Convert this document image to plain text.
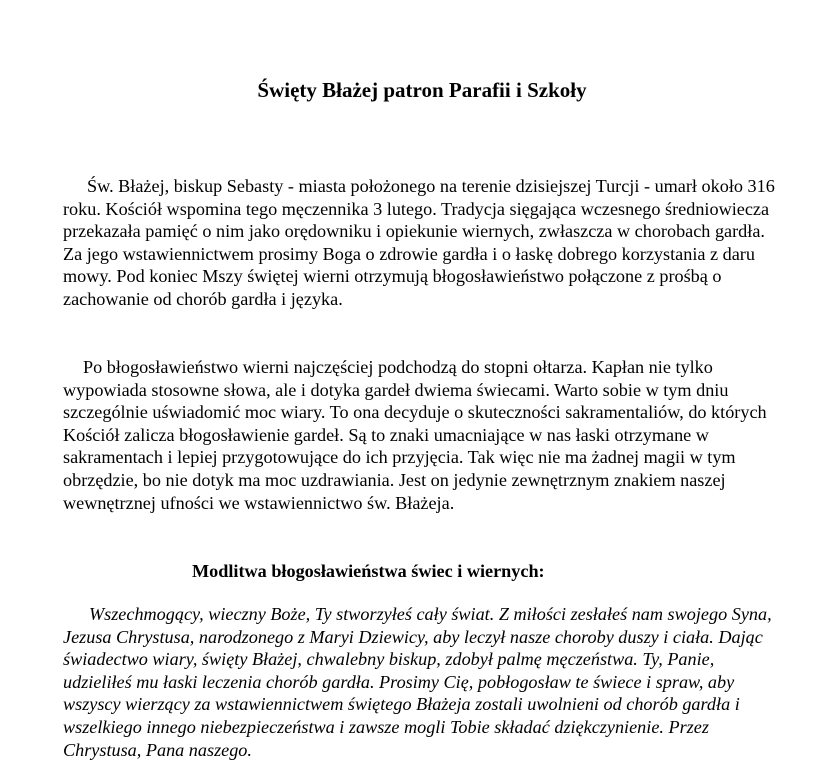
Święty Błażej patron Parafii i Szkoły

Św. Błażej, biskup Sebasty - miasta położonego na terenie dzisiejszej Turcji - umarł około 316 roku. Kościół wspomina tego męczennika 3 lutego. Tradycja sięgająca wczesnego średniowiecza przekazała pamięć o nim jako orędowniku i opiekunie wiernych, zwłaszcza w chorobach gardła. Za jego wstawiennictwem prosimy Boga o zdrowie gardła i o łaskę dobrego korzystania z daru mowy. Pod koniec Mszy świętej wierni otrzymują błogosławieństwo połączone z prośbą o zachowanie od chorób gardła i języka.

Po błogosławieństwo wierni najczęściej podchodzą do stopni ołtarza. Kapłan nie tylko wypowiada stosowne słowa, ale i dotyka gardeł dwiema świecami. Warto sobie w tym dniu szczególnie uświadomić moc wiary. To ona decyduje o skuteczności sakramentaliów, do których Kościół zalicza błogosławienie gardeł. Są to znaki umacniające w nas łaski otrzymane w sakramentach i lepiej przygotowujące do ich przyjęcia. Tak więc nie ma żadnej magii w tym obrzędzie, bo nie dotyk ma moc uzdrawiania. Jest on jedynie zewnętrznym znakiem naszej wewnętrznej ufności we wstawiennictwo św. Błażeja.

Modlitwa błogosławieństwa świec i wiernych:

Wszechmogący, wieczny Boże, Ty stworzyłeś cały świat. Z miłości zesłałeś nam swojego Syna, Jezusa Chrystusa, narodzonego z Maryi Dziewicy, aby leczył nasze choroby duszy i ciała. Dając świadectwo wiary, święty Błażej, chwalebny biskup, zdobył palmę męczeństwa. Ty, Panie, udzieliłeś mu łaski leczenia chorób gardła. Prosimy Cię, pobłogosław te świece i spraw, aby wszyscy wierzący za wstawiennictwem świętego Błażeja zostali uwolnieni od chorób gardła i wszelkiego innego niebezpieczeństwa i zawsze mogli Tobie składać dziękczynienie. Przez Chrystusa, Pana naszego.
